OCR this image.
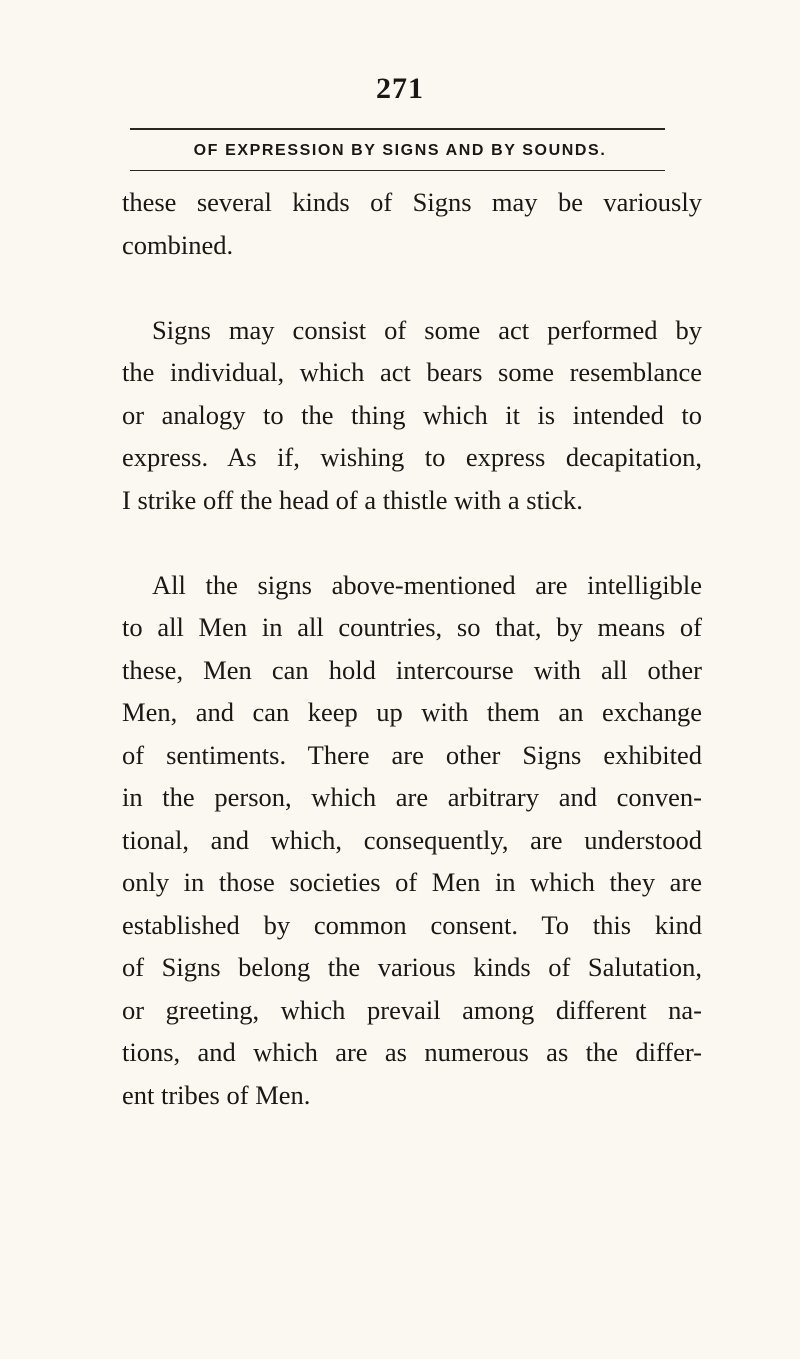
271
OF EXPRESSION BY SIGNS AND BY SOUNDS.
these several kinds of Signs may be variously
combined.
Signs may consist of some act performed by
the individual, which act bears some resemblance
or analogy to the thing which it is intended to
express. As if, wishing to express decapitation,
I strike off the head of a thistle with a stick.
All the signs above-mentioned are intelligible
to all Men in all countries, so that, by means of
these, Men can hold intercourse with all other
Men, and can keep up with them an exchange
of sentiments. There are other Signs exhibited
in the person, which are arbitrary and conven-
tional, and which, consequently, are understood
only in those societies of Men in which they are
established by common consent. To this kind
of Signs belong the various kinds of Salutation,
or greeting, which prevail among different na-
tions, and which are as numerous as the differ-
ent tribes of Men.
